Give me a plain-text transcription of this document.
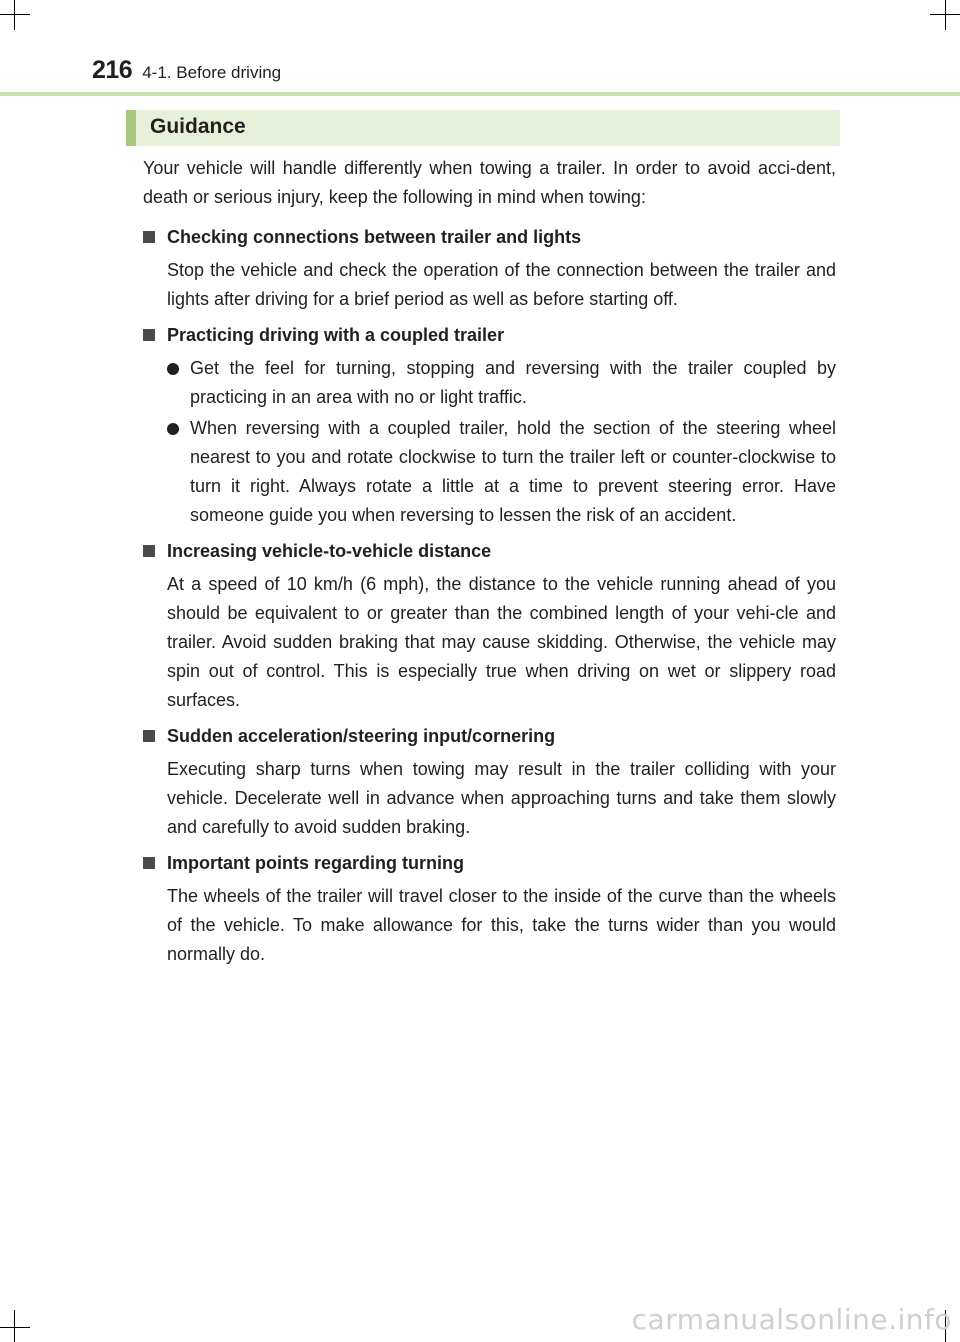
216 4-1. Before driving
Guidance

Your vehicle will handle differently when towing a trailer. In order to avoid acci-dent, death or serious injury, keep the following in mind when towing:

Checking connections between trailer and lights

Stop the vehicle and check the operation of the connection between the trailer and lights after driving for a brief period as well as before starting off.

Practicing driving with a coupled trailer

Get the feel for turning, stopping and reversing with the trailer coupled by practicing in an area with no or light traffic.

When reversing with a coupled trailer, hold the section of the steering wheel nearest to you and rotate clockwise to turn the trailer left or counter-clockwise to turn it right. Always rotate a little at a time to prevent steering error. Have someone guide you when reversing to lessen the risk of an accident.

Increasing vehicle-to-vehicle distance

At a speed of 10 km/h (6 mph), the distance to the vehicle running ahead of you should be equivalent to or greater than the combined length of your vehi-cle and trailer. Avoid sudden braking that may cause skidding. Otherwise, the vehicle may spin out of control. This is especially true when driving on wet or slippery road surfaces.

Sudden acceleration/steering input/cornering

Executing sharp turns when towing may result in the trailer colliding with your vehicle. Decelerate well in advance when approaching turns and take them slowly and carefully to avoid sudden braking.

Important points regarding turning

The wheels of the trailer will travel closer to the inside of the curve than the wheels of the vehicle. To make allowance for this, take the turns wider than you would normally do.

carmanualsonline.info
